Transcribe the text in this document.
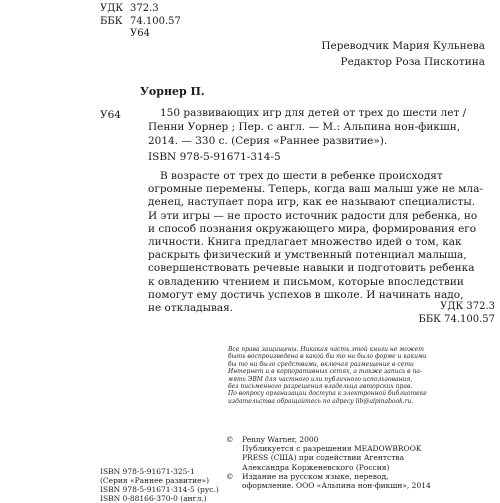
УДК 372.3
ББК 74.100.57
У64
Переводчик Мария Кульнева
Редактор Роза Пискотина
Уорнер П.
У64	150 развивающих игр для детей от трех до шести лет /
Пенни Уорнер ; Пер. с англ. — М.: Альпина нон-фикшн,
2014. — 330 с. (Серия «Раннее развитие»).
ISBN 978-5-91671-314-5
В возрасте от трех до шести в ребенке происходят
огромные перемены. Теперь, когда ваш малыш уже не мла-
денец, наступает пора игр, как ее называют специалисты.
И эти игры — не просто источник радости для ребенка, но
и способ познания окружающего мира, формирования его
личности. Книга предлагает множество идей о том, как
раскрыть физический и умственный потенциал малыша,
совершенствовать речевые навыки и подготовить ребенка
к овладению чтением и письмом, которые впоследствии
помогут ему достичь успехов в школе. И начинать надо,
не откладывая.	УДК 372.3
ББК 74.100.57
Все права защищены. Никакая часть этой книги не может
быть воспроизведена в какой бы то ни было форме и какими
бы то ни было средствами, включая размещение в сети
Интернет и в корпоративных сетях, а также запись в па-
мять ЭВМ для частного или публичного использования,
без письменного разрешения владельца авторских прав.
По вопросу организации доступа к электронной библиотеке
издательства обращайтесь по адресу lib@alpinabook.ru.
© Penny Warner, 2000
Публикуется с разрешения MEADOWBROOK
PRESS (США) при содействии Агентства
Александра Корженевского (Россия)
© Издание на русском языке, перевод,
оформление. ООО «Альпина нон-фикшн», 2014
ISBN 978-5-91671-325-1
(Серия «Раннее развитие»)
ISBN 978-5-91671-314-5 (рус.)
ISBN 0-88166-370-0 (англ.)
